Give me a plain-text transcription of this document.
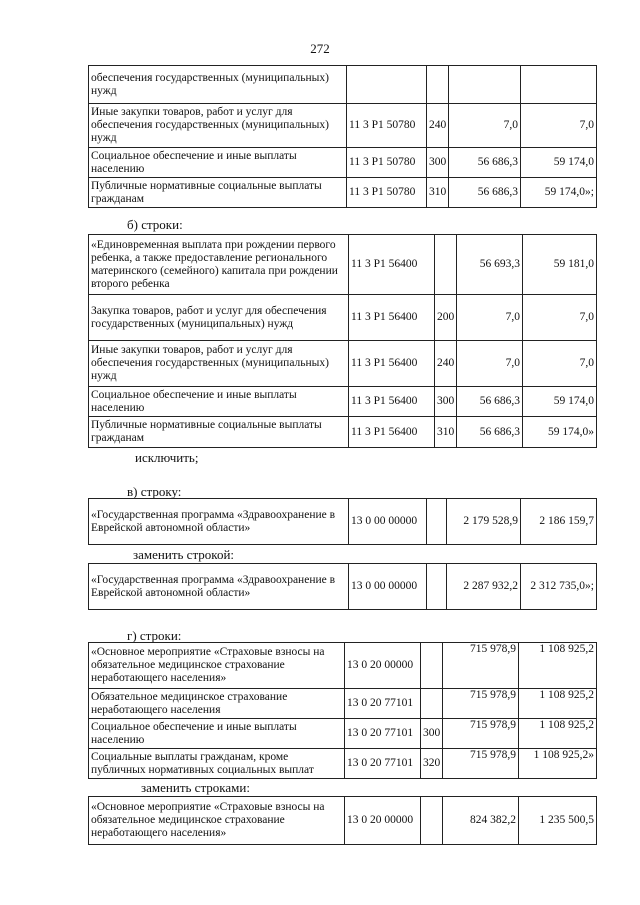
272
обеспечения государственных (муниципальных) нужд				
Иные закупки товаров, работ и услуг для обеспечения государственных (муниципальных) нужд	11 3 P1 50780	240	7,0	7,0
Социальное обеспечение и иные выплаты населению	11 3 P1 50780	300	56 686,3	59 174,0
Публичные нормативные социальные выплаты гражданам	11 3 P1 50780	310	56 686,3	59 174,0»;
б) строки:
«Единовременная выплата при рождении первого ребенка, а также предоставление регионального материнского (семейного) капитала при рождении второго ребенка	11 3 P1 56400		56 693,3	59 181,0
Закупка товаров, работ и услуг для обеспечения государственных (муниципальных) нужд	11 3 P1 56400	200	7,0	7,0
Иные закупки товаров, работ и услуг для обеспечения государственных (муниципальных) нужд	11 3 P1 56400	240	7,0	7,0
Социальное обеспечение и иные выплаты населению	11 3 P1 56400	300	56 686,3	59 174,0
Публичные нормативные социальные выплаты гражданам	11 3 P1 56400	310	56 686,3	59 174,0»
исключить;
в) строку:
«Государственная программа «Здравоохранение в Еврейской автономной области»	13 0 00 00000		2 179 528,9	2 186 159,7
заменить строкой:
«Государственная программа «Здравоохранение в Еврейской автономной области»	13 0 00 00000		2 287 932,2	2 312 735,0»;
г) строки:
«Основное мероприятие «Страховые взносы на обязательное медицинское страхование неработающего населения»	13 0 20 00000		715 978,9	1 108 925,2
Обязательное медицинское страхование неработающего населения	13 0 20 77101		715 978,9	1 108 925,2
Социальное обеспечение и иные выплаты населению	13 0 20 77101	300	715 978,9	1 108 925,2
Социальные выплаты гражданам, кроме публичных нормативных социальных выплат	13 0 20 77101	320	715 978,9	1 108 925,2»
заменить строками:
«Основное мероприятие «Страховые взносы на обязательное медицинское страхование неработающего населения»	13 0 20 00000		824 382,2	1 235 500,5
